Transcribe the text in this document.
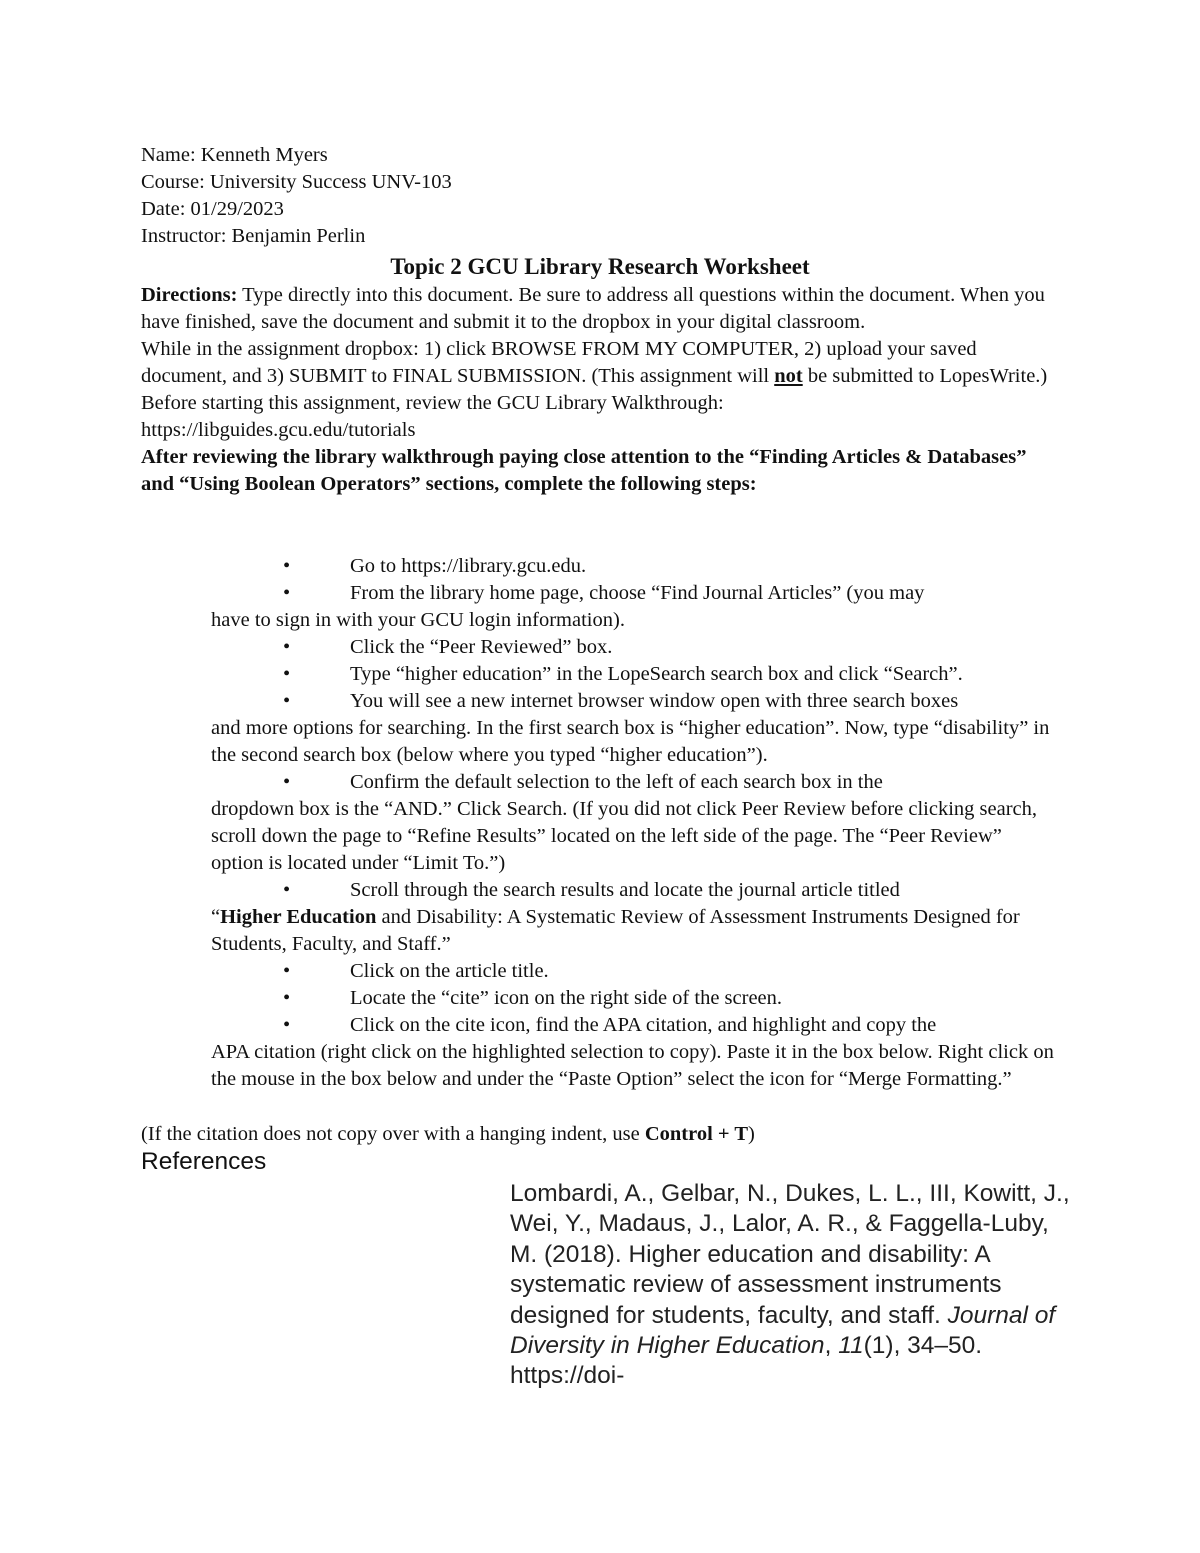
Name: Kenneth Myers
Course: University Success UNV-103
Date: 01/29/2023
Instructor: Benjamin Perlin
Topic 2 GCU Library Research Worksheet

Directions: Type directly into this document. Be sure to address all questions within the document. When you have finished, save the document and submit it to the dropbox in your digital classroom.

While in the assignment dropbox: 1) click BROWSE FROM MY COMPUTER, 2) upload your saved document, and 3) SUBMIT to FINAL SUBMISSION. (This assignment will not be submitted to LopesWrite.)

Before starting this assignment, review the GCU Library Walkthrough:

https://libguides.gcu.edu/tutorials

After reviewing the library walkthrough paying close attention to the “Finding Articles & Databases” and “Using Boolean Operators” sections, complete the following steps:

•	Go to https://library.gcu.edu.
•	From the library home page, choose “Find Journal Articles” (you may
have to sign in with your GCU login information).
•	Click the “Peer Reviewed” box.
•	Type “higher education” in the LopeSearch search box and click “Search”.
•	You will see a new internet browser window open with three search boxes
and more options for searching. In the first search box is “higher education”. Now, type “disability” in the second search box (below where you typed “higher education”).
•	Confirm the default selection to the left of each search box in the
dropdown box is the “AND.” Click Search. (If you did not click Peer Review before clicking search, scroll down the page to “Refine Results” located on the left side of the page. The “Peer Review” option is located under “Limit To.”)
•	Scroll through the search results and locate the journal article titled
“Higher Education and Disability: A Systematic Review of Assessment Instruments Designed for Students, Faculty, and Staff.”
•	Click on the article title.
•	Locate the “cite” icon on the right side of the screen.
•	Click on the cite icon, find the APA citation, and highlight and copy the
APA citation (right click on the highlighted selection to copy). Paste it in the box below. Right click on the mouse in the box below and under the “Paste Option” select the icon for “Merge Formatting.”
(If the citation does not copy over with a hanging indent, use Control + T)
References
Lombardi, A., Gelbar, N., Dukes, L. L., III, Kowitt, J., Wei, Y., Madaus, J., Lalor, A. R., & Faggella-Luby, M. (2018). Higher education and disability: A systematic review of assessment instruments designed for students, faculty, and staff. Journal of Diversity in Higher Education, 11(1), 34–50. https://doi-
